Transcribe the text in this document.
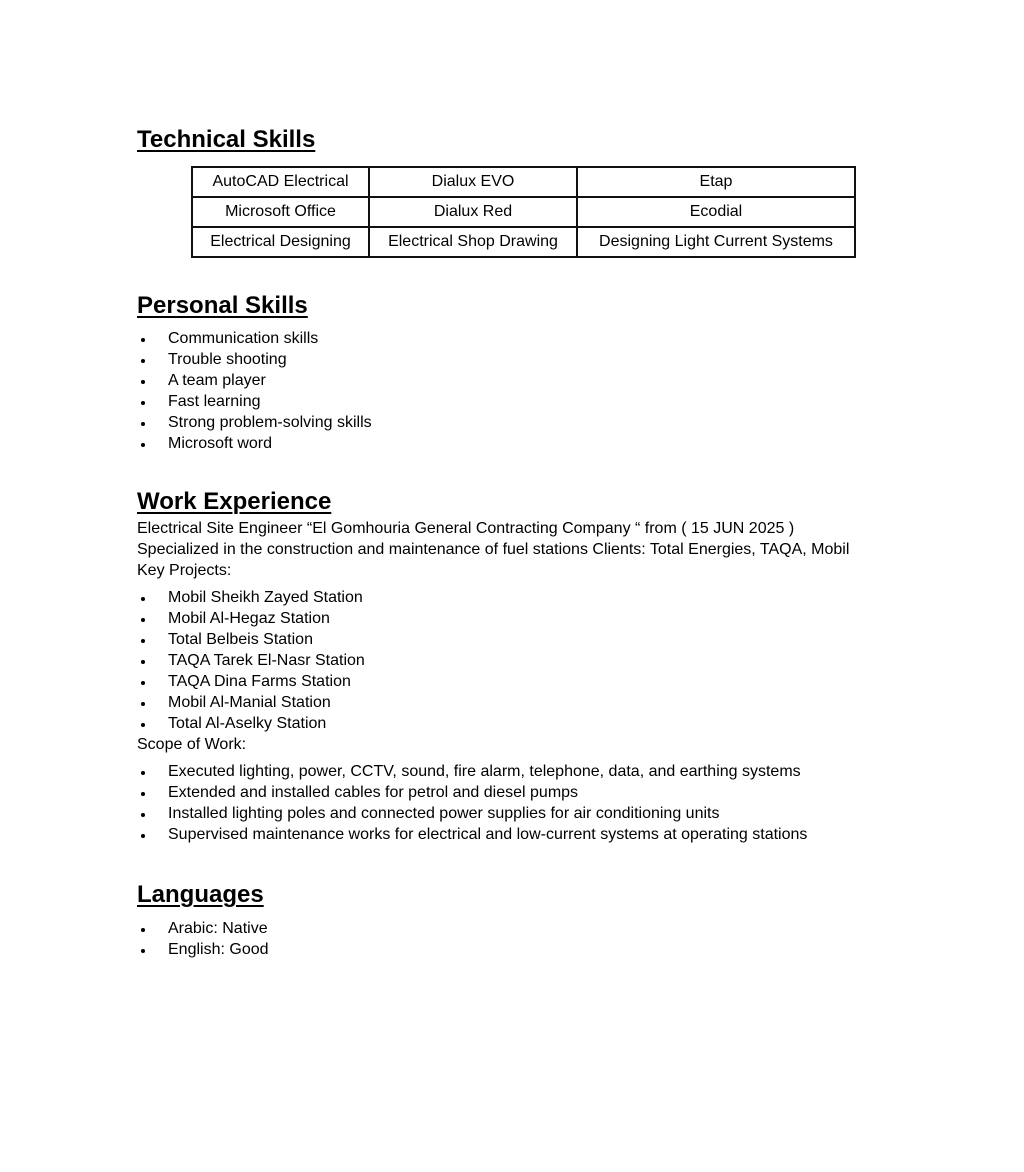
Technical Skills
AutoCAD Electrical	Dialux EVO	Etap
Microsoft Office	Dialux Red	Ecodial
Electrical Designing	Electrical Shop Drawing	Designing Light Current Systems
Personal Skills
Communication skills
Trouble shooting
A team player
Fast learning
Strong problem-solving skills
Microsoft word
Work Experience

Electrical Site Engineer “El Gomhouria General Contracting Company “ from ( 15 JUN 2025 )

Specialized in the construction and maintenance of fuel stations Clients: Total Energies, TAQA, Mobil

Key Projects:

Mobil Sheikh Zayed Station
Mobil Al-Hegaz Station
Total Belbeis Station
TAQA Tarek El-Nasr Station
TAQA Dina Farms Station
Mobil Al-Manial Station
Total Al-Aselky Station

Scope of Work:

Executed lighting, power, CCTV, sound, fire alarm, telephone, data, and earthing systems
Extended and installed cables for petrol and diesel pumps
Installed lighting poles and connected power supplies for air conditioning units
Supervised maintenance works for electrical and low-current systems at operating stations
Languages
Arabic: Native
English: Good
